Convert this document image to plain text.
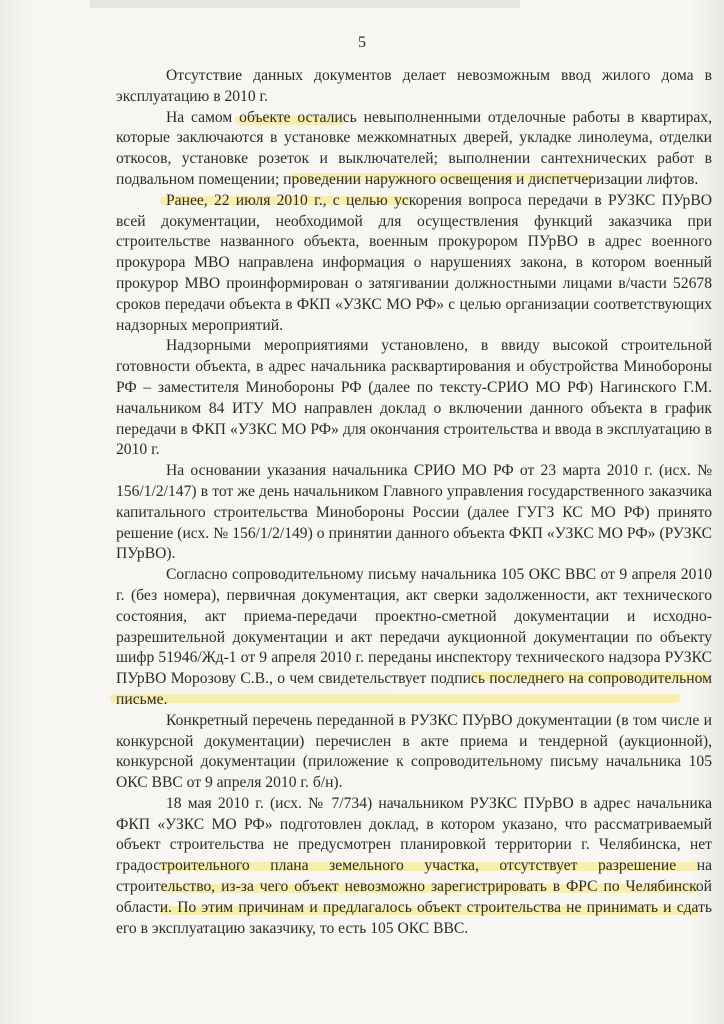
5

Отсутствие данных документов делает невозможным ввод жилого дома в эксплуатацию в 2010 г.

На самом объекте остались невыполненными отделочные работы в квартирах, которые заключаются в установке межкомнатных дверей, укладке линолеума, отделки откосов, установке розеток и выключателей; выполнении сантехнических работ в подвальном помещении; проведении наружного освещения и диспетчеризации лифтов.

Ранее, 22 июля 2010 г., с целью ускорения вопроса передачи в РУЗКС ПУрВО всей документации, необходимой для осуществления функций заказчика при строительстве названного объекта, военным прокурором ПУрВО в адрес военного прокурора МВО направлена информация о нарушениях закона, в котором военный прокурор МВО проинформирован о затягивании должностными лицами в/части 52678 сроков передачи объекта в ФКП «УЗКС МО РФ» с целью организации соответствующих надзорных мероприятий.

Надзорными мероприятиями установлено, в ввиду высокой строительной готовности объекта, в адрес начальника расквартирования и обустройства Минобороны РФ – заместителя Минобороны РФ (далее по тексту-СРИО МО РФ) Нагинского Г.М. начальником 84 ИТУ МО направлен доклад о включении данного объекта в график передачи в ФКП «УЗКС МО РФ» для окончания строительства и ввода в эксплуатацию в 2010 г.

На основании указания начальника СРИО МО РФ от 23 марта 2010 г. (исх. № 156/1/2/147) в тот же день начальником Главного управления государственного заказчика капитального строительства Минобороны России (далее ГУГЗ КС МО РФ) принято решение (исх. № 156/1/2/149) о принятии данного объекта ФКП «УЗКС МО РФ» (РУЗКС ПУрВО).

Согласно сопроводительному письму начальника 105 ОКС ВВС от 9 апреля 2010 г. (без номера), первичная документация, акт сверки задолженности, акт технического состояния, акт приема-передачи проектно-сметной документации и исходно-разрешительной документации и акт передачи аукционной документации по объекту шифр 51946/Жд-1 от 9 апреля 2010 г. переданы инспектору технического надзора РУЗКС ПУрВО Морозову С.В., о чем свидетельствует подпись последнего на сопроводительном письме.

Конкретный перечень переданной в РУЗКС ПУрВО документации (в том числе и конкурсной документации) перечислен в акте приема и тендерной (аукционной), конкурсной документации (приложение к сопроводительному письму начальника 105 ОКС ВВС от 9 апреля 2010 г. б/н).

18 мая 2010 г. (исх. № 7/734) начальником РУЗКС ПУрВО в адрес начальника ФКП «УЗКС МО РФ» подготовлен доклад, в котором указано, что рассматриваемый объект строительства не предусмотрен планировкой территории г. Челябинска, нет градостроительного плана земельного участка, отсутствует разрешение на строительство, из-за чего объект невозможно зарегистрировать в ФРС по Челябинской области. По этим причинам и предлагалось объект строительства не принимать и сдать его в эксплуатацию заказчику, то есть 105 ОКС ВВС.
